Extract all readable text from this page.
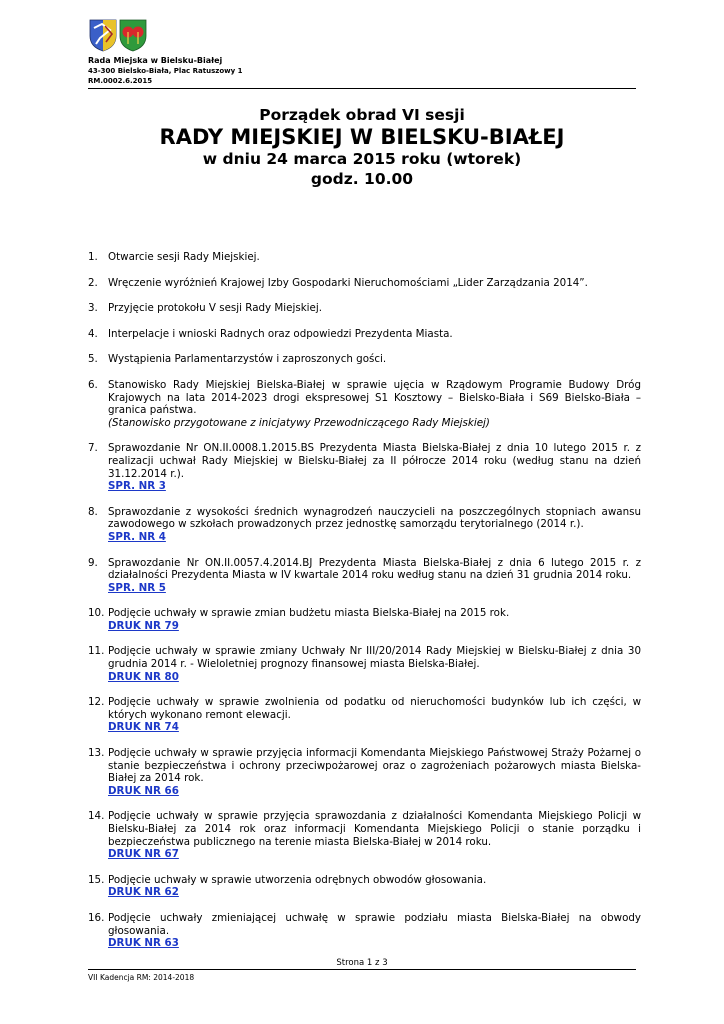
Rada Miejska w Bielsku-Białej
43-300 Bielsko-Biała, Plac Ratuszowy 1
RM.0002.6.2015
Porządek obrad VI sesji
RADY MIEJSKIEJ W BIELSKU-BIAŁEJ
w dniu 24 marca 2015 roku (wtorek)
godz. 10.00
1. Otwarcie sesji Rady Miejskiej.
2. Wręczenie wyróżnień Krajowej Izby Gospodarki Nieruchomościami „Lider Zarządzania 2014”.
3. Przyjęcie protokołu V sesji Rady Miejskiej.
4. Interpelacje i wnioski Radnych oraz odpowiedzi Prezydenta Miasta.
5. Wystąpienia Parlamentarzystów i zaproszonych gości.
6. Stanowisko Rady Miejskiej Bielska-Białej w sprawie ujęcia w Rządowym Programie Budowy Dróg Krajowych na lata 2014-2023 drogi ekspresowej S1 Kosztowy – Bielsko-Biała i S69 Bielsko-Biała – granica państwa.
(Stanowisko przygotowane z inicjatywy Przewodniczącego Rady Miejskiej)
7. Sprawozdanie Nr ON.II.0008.1.2015.BS Prezydenta Miasta Bielska-Białej z dnia 10 lutego 2015 r. z realizacji uchwał Rady Miejskiej w Bielsku-Białej za II półrocze 2014 roku (według stanu na dzień 31.12.2014 r.).
SPR. NR 3
8. Sprawozdanie z wysokości średnich wynagrodzeń nauczycieli na poszczególnych stopniach awansu zawodowego w szkołach prowadzonych przez jednostkę samorządu terytorialnego (2014 r.).
SPR. NR 4
9. Sprawozdanie Nr ON.II.0057.4.2014.BJ Prezydenta Miasta Bielska-Białej z dnia 6 lutego 2015 r. z działalności Prezydenta Miasta w IV kwartale 2014 roku według stanu na dzień 31 grudnia 2014 roku.
SPR. NR 5
10. Podjęcie uchwały w sprawie zmian budżetu miasta Bielska-Białej na 2015 rok.
DRUK NR 79
11. Podjęcie uchwały w sprawie zmiany Uchwały Nr III/20/2014 Rady Miejskiej w Bielsku-Białej z dnia 30 grudnia 2014 r. - Wieloletniej prognozy finansowej miasta Bielska-Białej.
DRUK NR 80
12. Podjęcie uchwały w sprawie zwolnienia od podatku od nieruchomości budynków lub ich części, w których wykonano remont elewacji.
DRUK NR 74
13. Podjęcie uchwały w sprawie przyjęcia informacji Komendanta Miejskiego Państwowej Straży Pożarnej o stanie bezpieczeństwa i ochrony przeciwpożarowej oraz o zagrożeniach pożarowych miasta Bielska-Białej za 2014 rok.
DRUK NR 66
14. Podjęcie uchwały w sprawie przyjęcia sprawozdania z działalności Komendanta Miejskiego Policji w Bielsku-Białej za 2014 rok oraz informacji Komendanta Miejskiego Policji o stanie porządku i bezpieczeństwa publicznego na terenie miasta Bielska-Białej w 2014 roku.
DRUK NR 67
15. Podjęcie uchwały w sprawie utworzenia odrębnych obwodów głosowania.
DRUK NR 62
16. Podjęcie uchwały zmieniającej uchwałę w sprawie podziału miasta Bielska-Białej na obwody głosowania.
DRUK NR 63
Strona 1 z 3
VII Kadencja RM: 2014-2018
